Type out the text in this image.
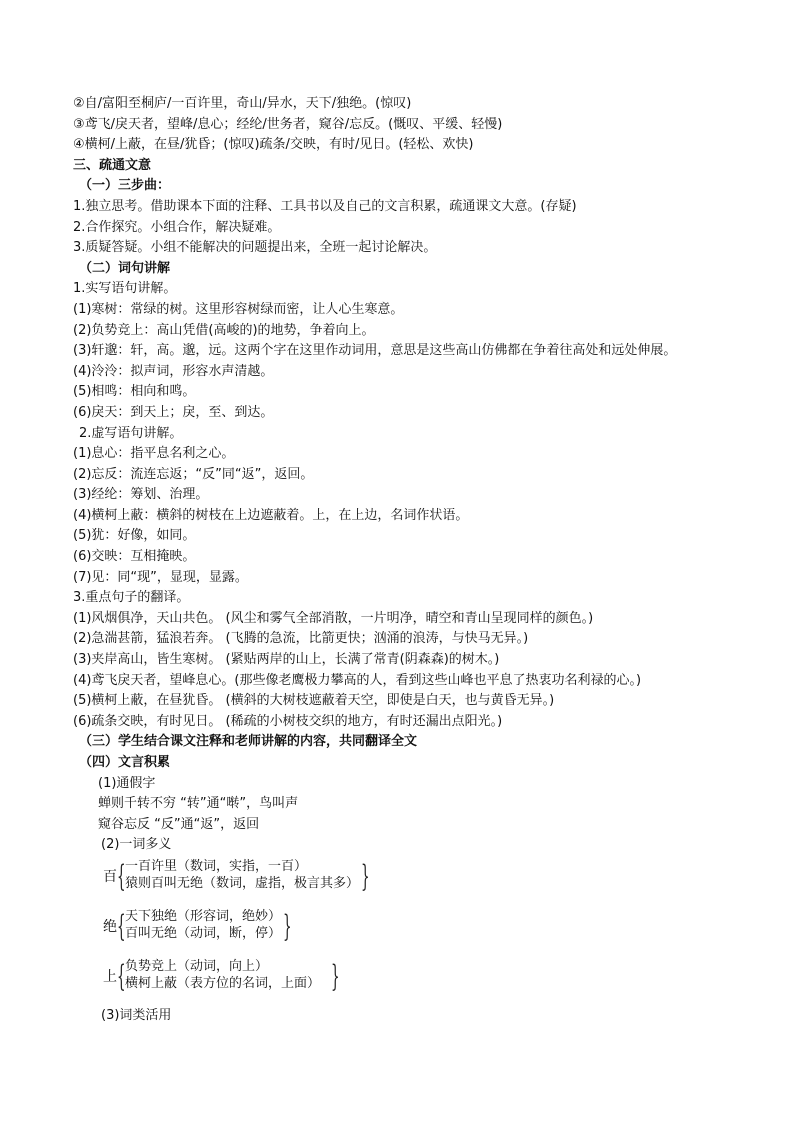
②自/富阳至桐庐/一百许里，奇山/异水，天下/独绝。(惊叹)
③鸢飞/戾天者，望峰/息心；经纶/世务者，窥谷/忘反。(慨叹、平缓、轻慢)
④横柯/上蔽，在昼/犹昏；(惊叹)疏条/交映，有时/见日。(轻松、欢快)
三、疏通文意
（一）三步曲：
1.独立思考。借助课本下面的注释、工具书以及自己的文言积累，疏通课文大意。(存疑)
2.合作探究。小组合作，解决疑难。
3.质疑答疑。小组不能解决的问题提出来，全班一起讨论解决。
（二）词句讲解
1.实写语句讲解。
(1)寒树：常绿的树。这里形容树绿而密，让人心生寒意。
(2)负势竞上：高山凭借(高峻的)的地势，争着向上。
(3)轩邈：轩，高。邈，远。这两个字在这里作动词用，意思是这些高山仿佛都在争着往高处和远处伸展。
(4)泠泠：拟声词，形容水声清越。
(5)相鸣：相向和鸣。
(6)戾天：到天上；戾，至、到达。
2.虚写语句讲解。
(1)息心：指平息名利之心。
(2)忘反：流连忘返；“反”同“返”，返回。
(3)经纶：筹划、治理。
(4)横柯上蔽：横斜的树枝在上边遮蔽着。上，在上边，名词作状语。
(5)犹：好像，如同。
(6)交映：互相掩映。
(7)见：同“现”，显现，显露。
3.重点句子的翻译。
(1)风烟俱净，天山共色。 (风尘和雾气全部消散，一片明净，晴空和青山呈现同样的颜色。)
(2)急湍甚箭，猛浪若奔。 (飞腾的急流，比箭更快；汹涌的浪涛，与快马无异。)
(3)夹岸高山，皆生寒树。 (紧贴两岸的山上，长满了常青(阴森森)的树木。)
(4)鸢飞戾天者，望峰息心。(那些像老鹰极力攀高的人，看到这些山峰也平息了热衷功名利禄的心。)
(5)横柯上蔽，在昼犹昏。 (横斜的大树枝遮蔽着天空，即使是白天，也与黄昏无异。)
(6)疏条交映，有时见日。 (稀疏的小树枝交织的地方，有时还漏出点阳光。)
（三）学生结合课文注释和老师讲解的内容，共同翻译全文
（四）文言积累
(1)通假字
蝉则千转不穷 “转”通“啭”，鸟叫声
窥谷忘反 “反”通“返”，返回
(2)一词多义
百 { 一百许里（数词，实指，一百）
猿则百叫无绝（数词，虚指，极言其多） }
绝 { 天下独绝（形容词，绝妙）
百叫无绝（动词，断，停） }
上 { 负势竞上（动词，向上）
横柯上蔽（表方位的名词，上面） }
(3)词类活用
